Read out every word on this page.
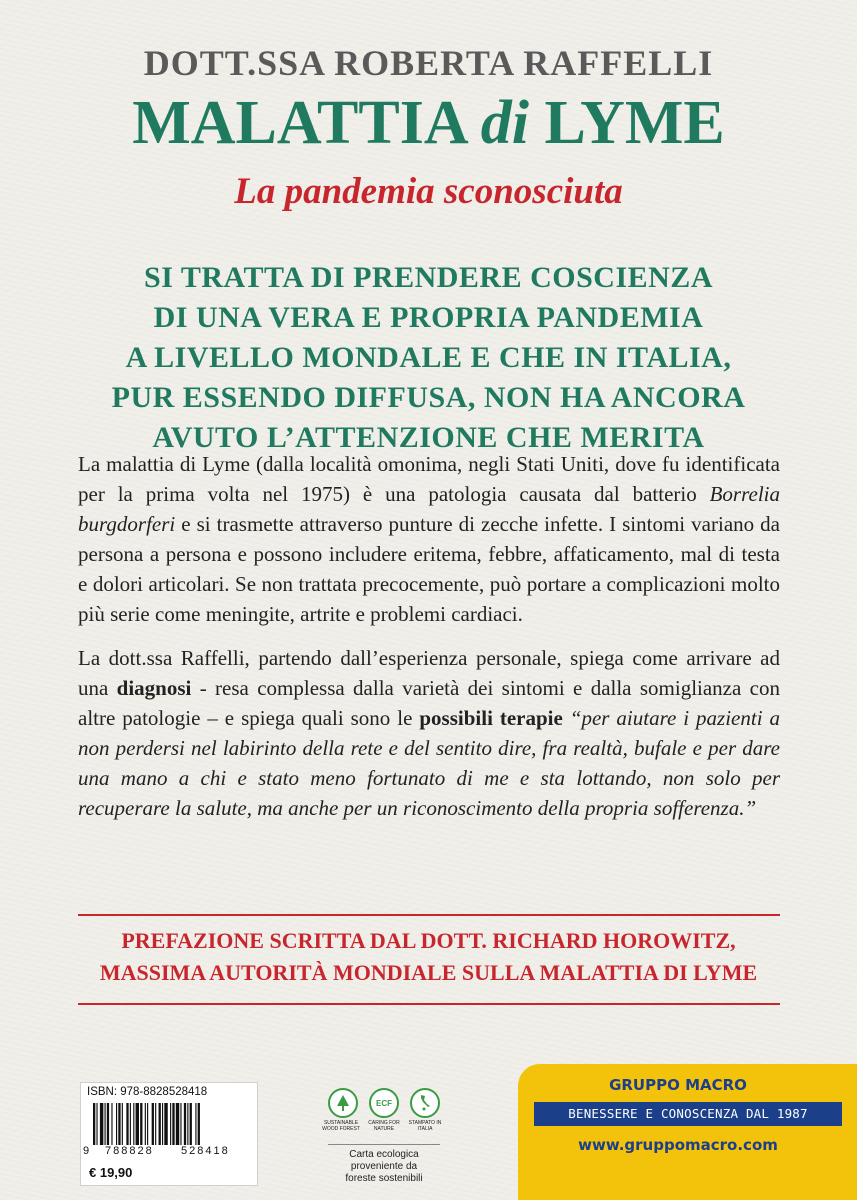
DOTT.SSA ROBERTA RAFFELLI
MALATTIA di LYME
La pandemia sconosciuta
SI TRATTA DI PRENDERE COSCIENZA
DI UNA VERA E PROPRIA PANDEMIA
A LIVELLO MONDALE E CHE IN ITALIA,
PUR ESSENDO DIFFUSA, NON HA ANCORA
AVUTO L’ATTENZIONE CHE MERITA

La malattia di Lyme (dalla località omonima, negli Stati Uniti, dove fu identificata per la prima volta nel 1975) è una patologia causata dal batterio Borrelia burgdorferi e si trasmette attraverso punture di zecche infette. I sintomi variano da persona a persona e possono includere eritema, febbre, affaticamento, mal di testa e dolori articolari. Se non trattata precocemente, può portare a complicazioni molto più serie come meningite, artrite e problemi cardiaci.

La dott.ssa Raffelli, partendo dall’esperienza personale, spiega come arrivare ad una diagnosi - resa complessa dalla varietà dei sintomi e dalla somiglianza con altre patologie – e spiega quali sono le possibili terapie “per aiutare i pazienti a non perdersi nel labirinto della rete e del sentito dire, fra realtà, bufale e per dare una mano a chi e stato meno fortunato di me e sta lottando, non solo per recuperare la salute, ma anche per un riconoscimento della propria sofferenza.”

PREFAZIONE SCRITTA DAL DOTT. RICHARD HOROWITZ,
MASSIMA AUTORITÀ MONDIALE SULLA MALATTIA DI LYME
ISBN: 978-8828528418
9 788828 528418
€ 19,90
ECF
SUSTAINABLE WOOD FOREST
CARING FOR NATURE
STAMPATO IN ITALIA
Carta ecologica
proveniente da
foreste sostenibili
GRUPPO MACRO
BENESSERE E CONOSCENZA DAL 1987
www.gruppomacro.com
